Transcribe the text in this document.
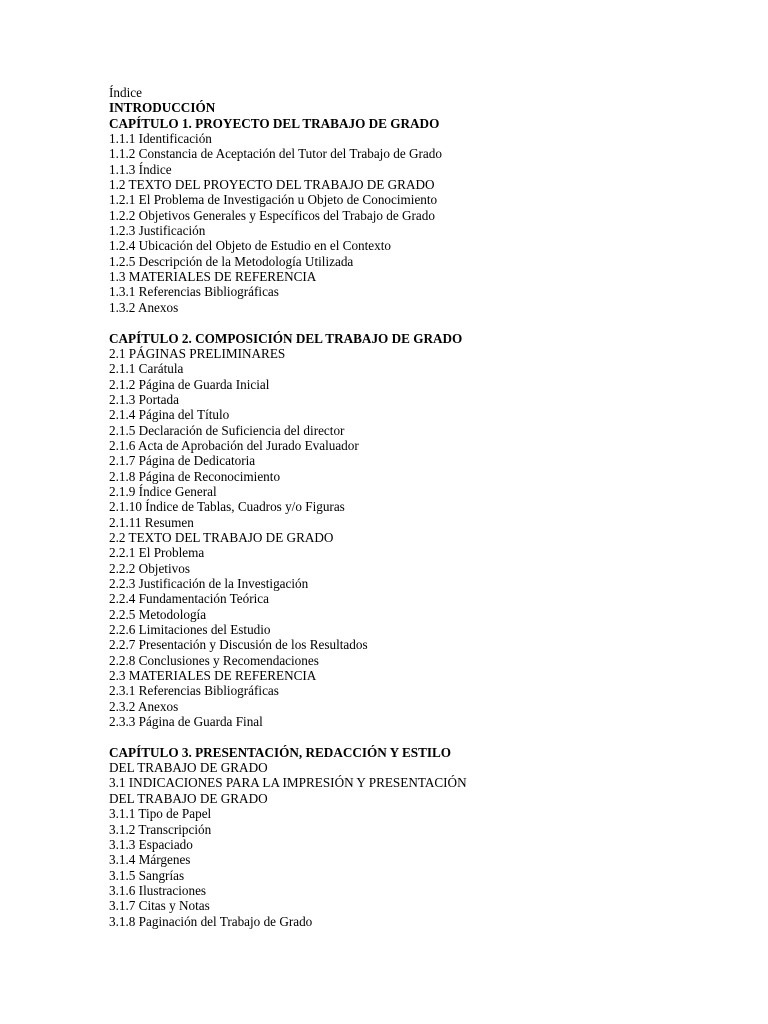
Índice
INTRODUCCIÓN
CAPÍTULO 1. PROYECTO DEL TRABAJO DE GRADO
1.1.1 Identificación
1.1.2 Constancia de Aceptación del Tutor del Trabajo de Grado
1.1.3 Índice
1.2 TEXTO DEL PROYECTO DEL TRABAJO DE GRADO
1.2.1 El Problema de Investigación u Objeto de Conocimiento
1.2.2 Objetivos Generales y Específicos del Trabajo de Grado
1.2.3 Justificación
1.2.4 Ubicación del Objeto de Estudio en el Contexto
1.2.5 Descripción de la Metodología Utilizada
1.3 MATERIALES DE REFERENCIA
1.3.1 Referencias Bibliográficas
1.3.2 Anexos
CAPÍTULO 2. COMPOSICIÓN DEL TRABAJO DE GRADO
2.1 PÁGINAS PRELIMINARES
2.1.1 Carátula
2.1.2 Página de Guarda Inicial
2.1.3 Portada
2.1.4 Página del Título
2.1.5 Declaración de Suficiencia del director
2.1.6 Acta de Aprobación del Jurado Evaluador
2.1.7 Página de Dedicatoria
2.1.8 Página de Reconocimiento
2.1.9 Índice General
2.1.10 Índice de Tablas, Cuadros y/o Figuras
2.1.11 Resumen
2.2 TEXTO DEL TRABAJO DE GRADO
2.2.1 El Problema
2.2.2 Objetivos
2.2.3 Justificación de la Investigación
2.2.4 Fundamentación Teórica
2.2.5 Metodología
2.2.6 Limitaciones del Estudio
2.2.7 Presentación y Discusión de los Resultados
2.2.8 Conclusiones y Recomendaciones
2.3 MATERIALES DE REFERENCIA
2.3.1 Referencias Bibliográficas
2.3.2 Anexos
2.3.3 Página de Guarda Final
CAPÍTULO 3. PRESENTACIÓN, REDACCIÓN Y ESTILO
DEL TRABAJO DE GRADO
3.1 INDICACIONES PARA LA IMPRESIÓN Y PRESENTACIÓN
DEL TRABAJO DE GRADO
3.1.1 Tipo de Papel
3.1.2 Transcripción
3.1.3 Espaciado
3.1.4 Márgenes
3.1.5 Sangrías
3.1.6 Ilustraciones
3.1.7 Citas y Notas
3.1.8 Paginación del Trabajo de Grado
